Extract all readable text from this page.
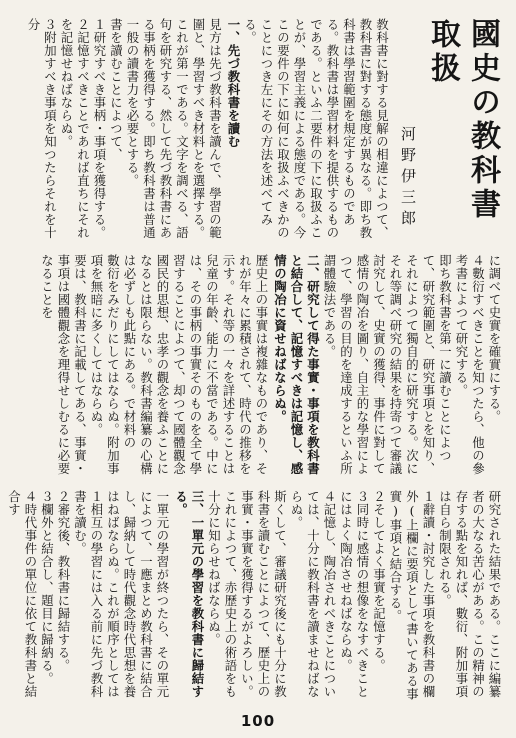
國史の教科書取扱 河野伊三郎
教科書に對する見解の相違によつて、教科書に對する態度が異なる。即ち教科書は學習範圍を規定するものである。教科書は學習材料を提供するものである。といふ二要件の下に取扱ふことが、學習主義による態度である。今この要件の下に如何に取扱ふべきかのことにつき左にその方法を述べてみる。
一、先づ教科書を讀む
見方は先づ教科書を讀んで、學習の範圍と、學習すべき材料とを選擇する。これが第一である。文字を調べる、語句を研究する、然して先づ教科書にある事柄を獲得する。即ち教科書は普通一般の讀書力を必要とする。
書を讀むことによつて、
１研究すべき事柄・事項を獲得する。
２記憶すべきことであれば直ちにそれを記憶せねばならぬ。
３附加すべき事項を知つたらそれを十分
に調べて史實を確實にする。
４數衍すべきことを知つたら、他の參考書によつて研究する。
即ち教科書を第一に讀むことによつて、研究範圍と、研究事項とを知り、それによつて獨自的に研究する。次にそれ等調べ研究の結果を持寄つて審議討究して、史實の獲得、事件に對して感情の陶冶を圖り、自主的な學習によつて、學習の目的を達成するといふ所謂體驗法である。
二、研究して得た事實・事項を教科書と結合して、記憶すべきは記憶し、感情の陶冶に資せねばならぬ。
歷史上の事實は複雜なものであり、それが年々に累積されて、時代の推移を示す。それ等の一々を詳述することは兒童の年齡、能力に不當である。中には、その事柄の事實そのものを全て學習することによつて、却つて國體觀念國民的思想、忠孝の觀念を養ふことになるとは限らない。教科書編纂の心構は必ずしも此點にある。で材料の
數衍をみだりにしてはならぬ。附加事項を無暗に多くしてはならぬ。
要は、教科書に記載してある、事實・事項は國體觀念を理得せしむるに必要なることを
研究された結果である。ここに編纂者の大なる苦心がある。この精神の存する點を知れば、數衍、附加事項は自ら制限される。
１辭讀・討究した事項を教科書の欄外(上欄に要項として書いてある事實)事項と結合する。
２そしてよく事實を記憶する。
３同時に感情の想像をなすべきことにはよく陶冶させねばならぬ。
４記憶し、陶冶されべきことについては、十分に教科書を讀ませねばならぬ。
斯くして、審議研究後にも十分に教科書を讀むことによつて、歷史上の事實・事實を獲得するがよろしい。これによつて、赤歷史上の術語をも十分に知らせねばならぬ。
三、一單元の學習を教科書に歸結する。
一單元の學習が終つたら、その單元によつて、一應まとめ教科書に結合し、歸納して時代觀念時代思想を養はねばならぬ。これが順序としては
１相互の學習には入る前に先づ教科書を讀む。
２審究後、教科書に歸結する。
３欄外と結合し、題目に歸納る。
４時代事件の單位に依て教科書と結合す
100
